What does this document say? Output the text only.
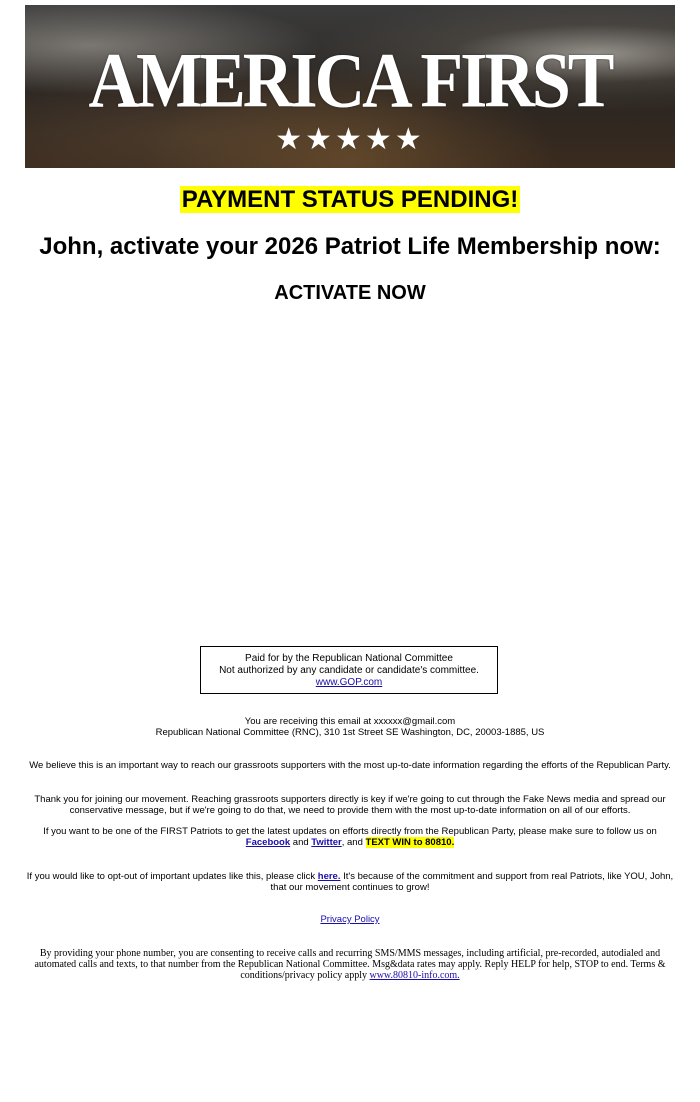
AMERICA FIRST
★★★★★
PAYMENT STATUS PENDING!
John, activate your 2026 Patriot Life Membership now:
ACTIVATE NOW
Paid for by the Republican National Committee
Not authorized by any candidate or candidate's committee.
www.GOP.com
You are receiving this email at xxxxxx@gmail.com
Republican National Committee (RNC), 310 1st Street SE Washington, DC, 20003-1885, US
We believe this is an important way to reach our grassroots supporters with the most up-to-date information regarding the efforts of the Republican Party.
Thank you for joining our movement. Reaching grassroots supporters directly is key if we're going to cut through the Fake News media and spread our conservative message, but if we're going to do that, we need to provide them with the most up-to-date information on all of our efforts.
If you want to be one of the FIRST Patriots to get the latest updates on efforts directly from the Republican Party, please make sure to follow us on Facebook and Twitter, and TEXT WIN to 80810.
If you would like to opt-out of important updates like this, please click here. It's because of the commitment and support from real Patriots, like YOU, John, that our movement continues to grow!
Privacy Policy
By providing your phone number, you are consenting to receive calls and recurring SMS/MMS messages, including artificial, pre-recorded, autodialed and automated calls and texts, to that number from the Republican National Committee. Msg&data rates may apply. Reply HELP for help, STOP to end. Terms & conditions/privacy policy apply www.80810-info.com.
